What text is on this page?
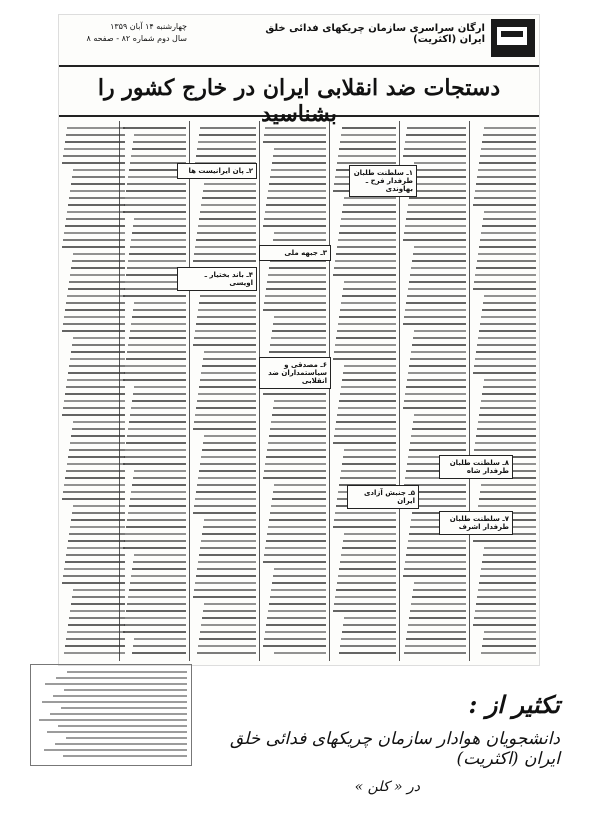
ارگان سراسری سازمان چریکهای فدائی خلق ایران (اکثریت)
چهارشنبه ۱۴ آبان ۱۳۵۹
سال دوم شماره ۸۲ - صفحه ۸
دستجات ضد انقلابی ایران در خارج کشور را بشناسید
۱ـ سلطنت طلبان طرفدار فرح ـ بهاوندی
۲ـ پان ایرانیست ها
۳ـ جبهه ملی
۴ـ باند بختیار ـ اویسی
۵ـ جنبش آزادی ایران
۶ـ مصدقی و سیاستمداران ضد انقلابی
۷ـ سلطنت طلبان طرفدار اشرف
۸ـ سلطنت طلبان طرفدار شاه
تکثیر از :
دانشجویان هوادار سازمان چریکهای فدائی خلق ایران (اکثریت)
در « کلن »
